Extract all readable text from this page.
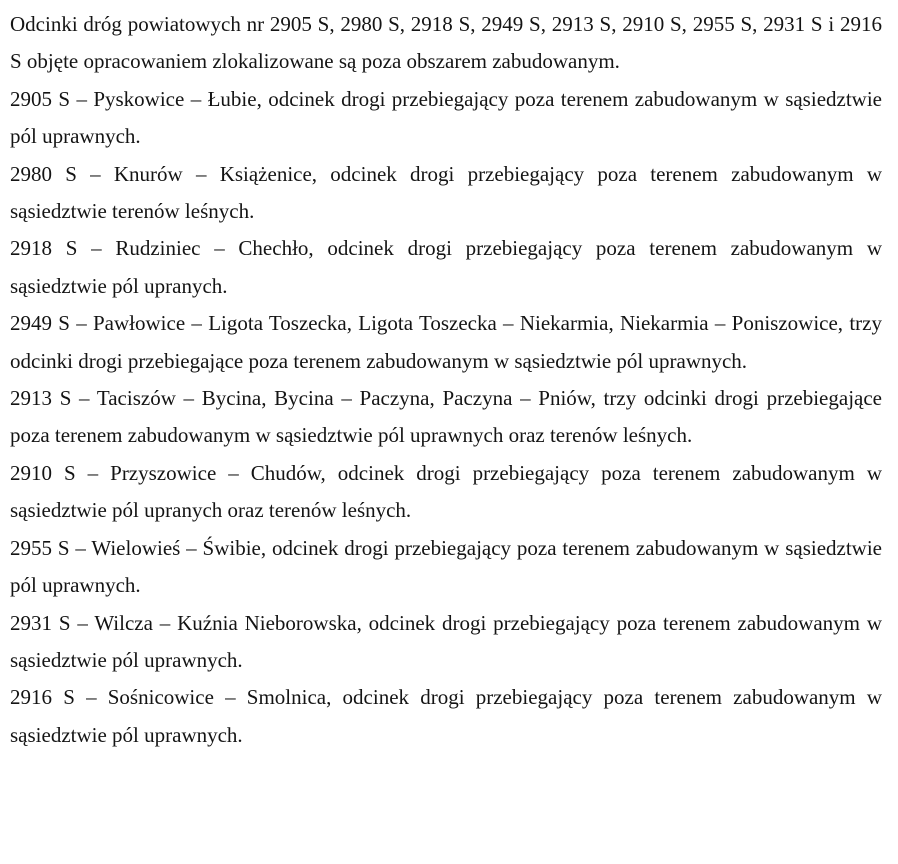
Odcinki dróg powiatowych nr 2905 S, 2980 S, 2918 S, 2949 S, 2913 S, 2910 S, 2955 S, 2931 S i 2916 S objęte opracowaniem zlokalizowane są poza obszarem zabudowanym.

2905 S – Pyskowice – Łubie, odcinek drogi przebiegający poza terenem zabudowanym w sąsiedztwie pól uprawnych.

2980 S – Knurów – Książenice, odcinek drogi przebiegający poza terenem zabudowanym w sąsiedztwie terenów leśnych.

2918 S – Rudziniec – Chechło, odcinek drogi przebiegający poza terenem zabudowanym w sąsiedztwie pól upranych.

2949 S – Pawłowice – Ligota Toszecka, Ligota Toszecka – Niekarmia, Niekarmia – Poniszowice, trzy odcinki drogi przebiegające poza terenem zabudowanym w sąsiedztwie pól uprawnych.

2913 S – Taciszów – Bycina, Bycina – Paczyna, Paczyna – Pniów, trzy odcinki drogi przebiegające poza terenem zabudowanym w sąsiedztwie pól uprawnych oraz terenów leśnych.

2910 S – Przyszowice – Chudów, odcinek drogi przebiegający poza terenem zabudowanym w sąsiedztwie pól upranych oraz terenów leśnych.

2955 S – Wielowieś – Świbie, odcinek drogi przebiegający poza terenem zabudowanym w sąsiedztwie pól uprawnych.

2931 S – Wilcza – Kuźnia Nieborowska, odcinek drogi przebiegający poza terenem zabudowanym w sąsiedztwie pól uprawnych.

2916 S – Sośnicowice – Smolnica, odcinek drogi przebiegający poza terenem zabudowanym w sąsiedztwie pól uprawnych.
